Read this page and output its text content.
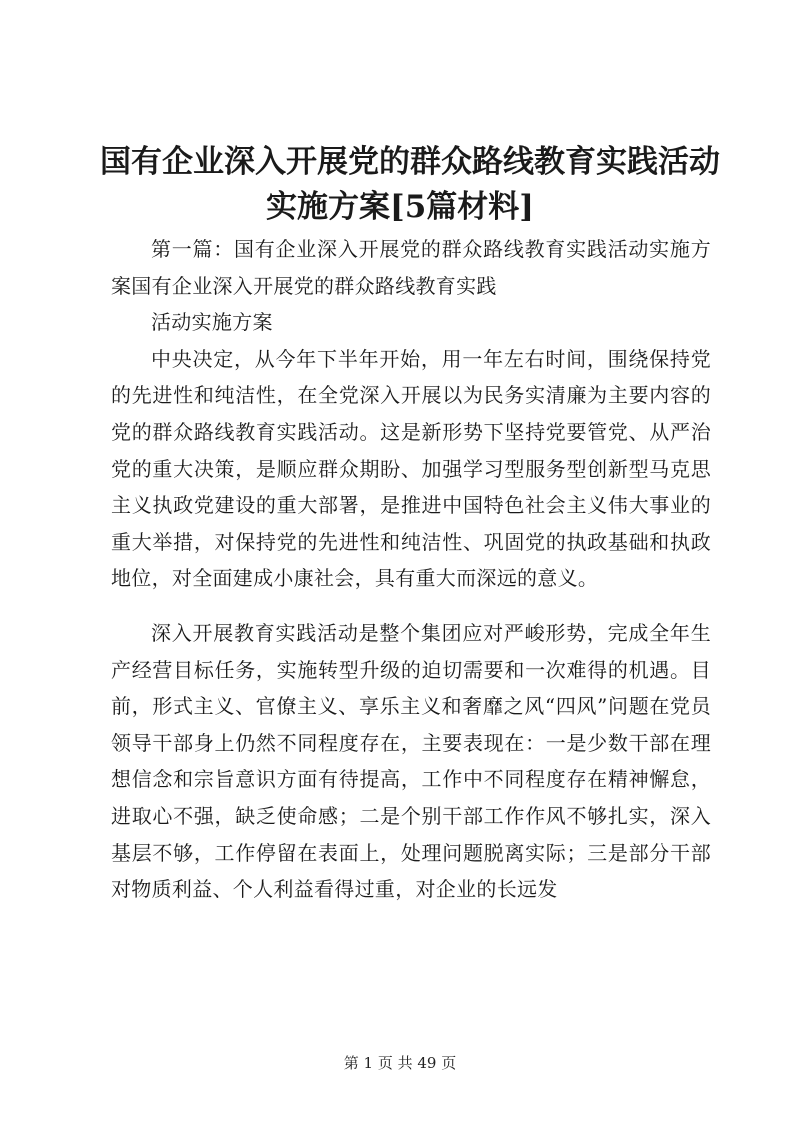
国有企业深入开展党的群众路线教育实践活动
实施方案[5篇材料]

第一篇：国有企业深入开展党的群众路线教育实践活动实施方案国有企业深入开展党的群众路线教育实践

活动实施方案

中央决定，从今年下半年开始，用一年左右时间，围绕保持党的先进性和纯洁性，在全党深入开展以为民务实清廉为主要内容的党的群众路线教育实践活动。这是新形势下坚持党要管党、从严治党的重大决策，是顺应群众期盼、加强学习型服务型创新型马克思主义执政党建设的重大部署，是推进中国特色社会主义伟大事业的重大举措，对保持党的先进性和纯洁性、巩固党的执政基础和执政地位，对全面建成小康社会，具有重大而深远的意义。

深入开展教育实践活动是整个集团应对严峻形势，完成全年生产经营目标任务，实施转型升级的迫切需要和一次难得的机遇。目前，形式主义、官僚主义、享乐主义和奢靡之风“四风”问题在党员领导干部身上仍然不同程度存在，主要表现在：一是少数干部在理想信念和宗旨意识方面有待提高，工作中不同程度存在精神懈怠，进取心不强，缺乏使命感；二是个别干部工作作风不够扎实，深入基层不够，工作停留在表面上，处理问题脱离实际；三是部分干部对物质利益、个人利益看得过重，对企业的长远发

第 1 页 共 49 页
